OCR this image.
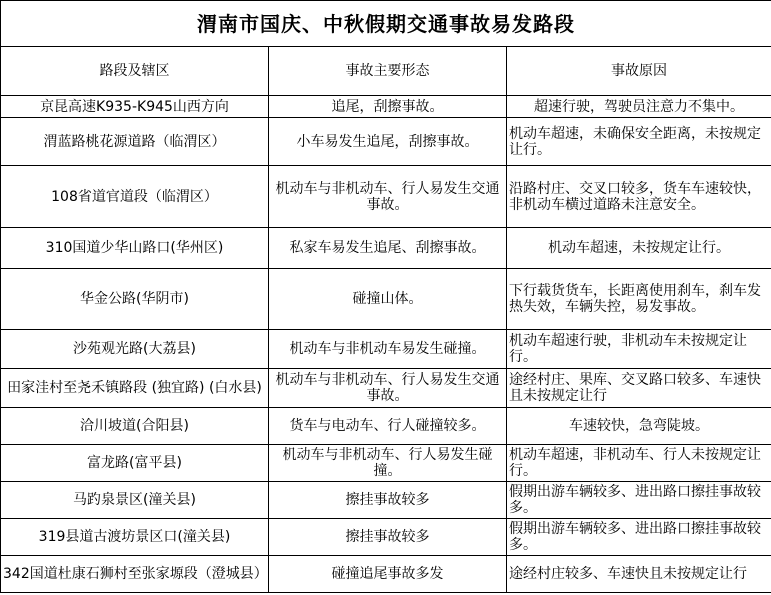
渭南市国庆、中秋假期交通事故易发路段		
路段及辖区	事故主要形态	事故原因
京昆高速K935-K945山西方向	追尾，刮擦事故。	超速行驶，驾驶员注意力不集中。
渭蓝路桃花源道路（临渭区）	小车易发生追尾，刮擦事故。	机动车超速，未确保安全距离，未按规定让行。
108省道官道段（临渭区）	机动车与非机动车、行人易发生交通事故。	沿路村庄、交叉口较多，货车车速较快，非机动车横过道路未注意安全。
310国道少华山路口(华州区)	私家车易发生追尾、刮擦事故。	机动车超速，未按规定让行。
华金公路(华阴市)	碰撞山体。	下行载货货车，长距离使用刹车，刹车发热失效，车辆失控，易发事故。
沙苑观光路(大荔县)	机动车与非机动车易发生碰撞。	机动车超速行驶，非机动车未按规定让行。
田家洼村至尧禾镇路段 (独宜路) (白水县)	机动车与非机动车、行人易发生交通事故。	途经村庄、果库、交叉路口较多、车速快且未按规定让行
洽川坡道(合阳县)	货车与电动车、行人碰撞较多。	车速较快，急弯陡坡。
富龙路(富平县)	机动车与非机动车、行人易发生碰撞。	机动车超速，非机动车、行人未按规定让行。
马趵泉景区(潼关县)	擦挂事故较多	假期出游车辆较多、进出路口擦挂事故较多。
319县道古渡坊景区口(潼关县)	擦挂事故较多	假期出游车辆较多、进出路口擦挂事故较多。
342国道杜康石狮村至张家塬段（澄城县）	碰撞追尾事故多发	途经村庄较多、车速快且未按规定让行
